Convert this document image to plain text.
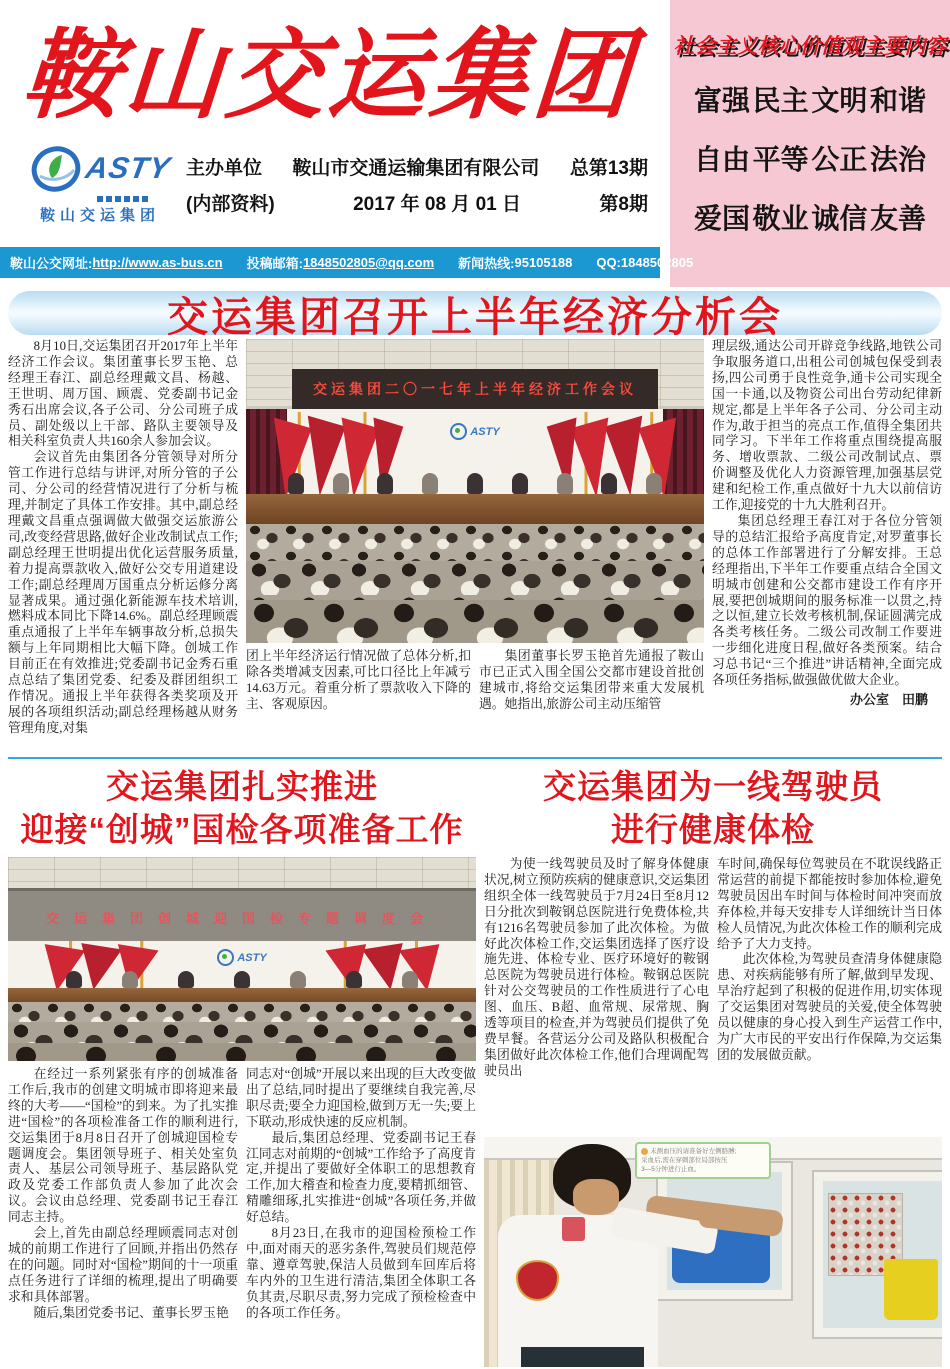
鞍山交运集团
ASTY
鞍山交运集团
主办单位 鞍山市交通运输集团有限公司 总第13期
(内部资料)	2017 年 08 月 01 日	第8期
社会主义核心价值观主要内容
富强 民主 文明 和谐
自由 平等 公正 法治
爱国 敬业 诚信 友善
鞍山公交网址: http://www.as-bus.cn 投稿邮箱: 1848502805@qq.com 新闻热线: 95105188 QQ: 1848502805
交运集团召开上半年经济分析会

8月10日,交运集团召开2017年上半年经济工作会议。集团董事长罗玉艳、总经理王春江、副总经理戴文昌、杨越、王世明、周万国、顾震、党委副书记金秀石出席会议,各子公司、分公司班子成员、副处级以上干部、路队主要领导及相关科室负责人共160余人参加会议。

会议首先由集团各分管领导对所分管工作进行总结与讲评,对所分管的子公司、分公司的经营情况进行了分析与梳理,并制定了具体工作安排。其中,副总经理戴文昌重点强调做大做强交运旅游公司,改变经营思路,做好企业改制试点工作;副总经理王世明提出优化运营服务质量,着力提高票款收入,做好公交专用道建设工作;副总经理周万国重点分析运修分离显著成果。通过强化新能源车技术培训,燃料成本同比下降14.6%。副总经理顾震重点通报了上半年车辆事故分析,总损失额与上年同期相比大幅下降。创城工作目前正在有效推进;党委副书记金秀石重点总结了集团党委、纪委及群团组织工作情况。通报上半年获得各类奖项及开展的各项组织活动;副总经理杨越从财务管理角度,对集

交运集团二〇一七年上半年经济工作会议
ASTY

团上半年经济运行情况做了总体分析,扣除各类增减支因素,可比口径比上年减亏14.63万元。着重分析了票款收入下降的主、客观原因。

集团董事长罗玉艳首先通报了鞍山市已正式入围全国公交都市建设首批创建城市,将给交运集团带来重大发展机遇。她指出,旅游公司主动压缩管

理层级,通达公司开辟竞争线路,地铁公司争取服务道口,出租公司创城包保受到表扬,四公司勇于良性竞争,通卡公司实现全国一卡通,以及物资公司出台劳动纪律新规定,都是上半年各子公司、分公司主动作为,敢于担当的亮点工作,值得全集团共同学习。下半年工作将重点围绕提高服务、增收票款、二级公司改制试点、票价调整及优化人力资源管理,加强基层党建和纪检工作,重点做好十九大以前信访工作,迎接党的十九大胜利召开。

集团总经理王春江对于各位分管领导的总结汇报给予高度肯定,对罗董事长的总体工作部署进行了分解安排。王总经理指出,下半年工作要重点结合全国文明城市创建和公交都市建设工作有序开展,要把创城期间的服务标准一以贯之,持之以恒,建立长效考核机制,保证圆满完成各类考核任务。二级公司改制工作要进一步细化进度日程,做好各类预案。结合习总书记“三个推进”讲话精神,全面完成各项任务指标,做强做优做大企业。

办公室　田鹏

交运集团扎实推进
迎接“创城”国检各项准备工作
交运集团创城迎国检专题调度会
ASTY

在经过一系列紧张有序的创城准备工作后,我市的创建文明城市即将迎来最终的大考——“国检”的到来。为了扎实推进“国检”的各项检准备工作的顺利进行,交运集团于8月8日召开了创城迎国检专题调度会。集团领导班子、相关处室负责人、基层公司领导班子、基层路队党政及党委工作部负责人参加了此次会议。会议由总经理、党委副书记王春江同志主持。

会上,首先由副总经理顾震同志对创城的前期工作进行了回顾,并指出仍然存在的问题。同时对“国检”期间的十一项重点任务进行了详细的梳理,提出了明确要求和具体部署。

随后,集团党委书记、董事长罗玉艳

同志对“创城”开展以来出现的巨大改变做出了总结,同时提出了要继续自我完善,尽职尽责;要全力迎国检,做到万无一失;要上下联动,形成快速的反应机制。

最后,集团总经理、党委副书记王春江同志对前期的“创城”工作给予了高度肯定,并提出了要做好全体职工的思想教育工作,加大稽查和检查力度,要精抓细管、精雕细琢,扎实推进“创城”各项任务,并做好总结。

8月23日,在我市的迎国检预检工作中,面对雨天的恶劣条件,驾驶员们规范停靠、遵章驾驶,保洁人员做到车回库后将车内外的卫生进行清洁,集团全体职工各负其责,尽职尽责,努力完成了预检检查中的各项工作任务。

交运集团为一线驾驶员
进行健康体检

为使一线驾驶员及时了解身体健康状况,树立预防疾病的健康意识,交运集团组织全体一线驾驶员于7月24日至8月12日分批次到鞍钢总医院进行免费体检,共有1216名驾驶员参加了此次体检。为做好此次体检工作,交运集团选择了医疗设施先进、体检专业、医疗环境好的鞍钢总医院为驾驶员进行体检。鞍钢总医院针对公交驾驶员的工作性质进行了心电图、血压、B超、血常规、尿常规、胸透等项目的检查,并为驾驶员们提供了免费早餐。各营运分公司及路队积极配合集团做好此次体检工作,他们合理调配驾驶员出

车时间,确保每位驾驶员在不耽误线路正常运营的前提下都能按时参加体检,避免驾驶员因出车时间与体检时间冲突而放弃体检,并每天安排专人详细统计当日体检人员情况,为此次体检工作的顺利完成给予了大力支持。

此次体检,为驾驶员查清身体健康隐患、对疾病能够有所了解,做到早发现、早治疗起到了积极的促进作用,切实体现了交运集团对驾驶员的关爱,使全体驾驶员以健康的身心投入到生产运营工作中,为广大市民的平安出行作保障,为交运集团的发展做贡献。

未测血压的请准备好左侧胳膊;
采血后,需在穿刺部位局部按压
3—5分钟进行止血。
